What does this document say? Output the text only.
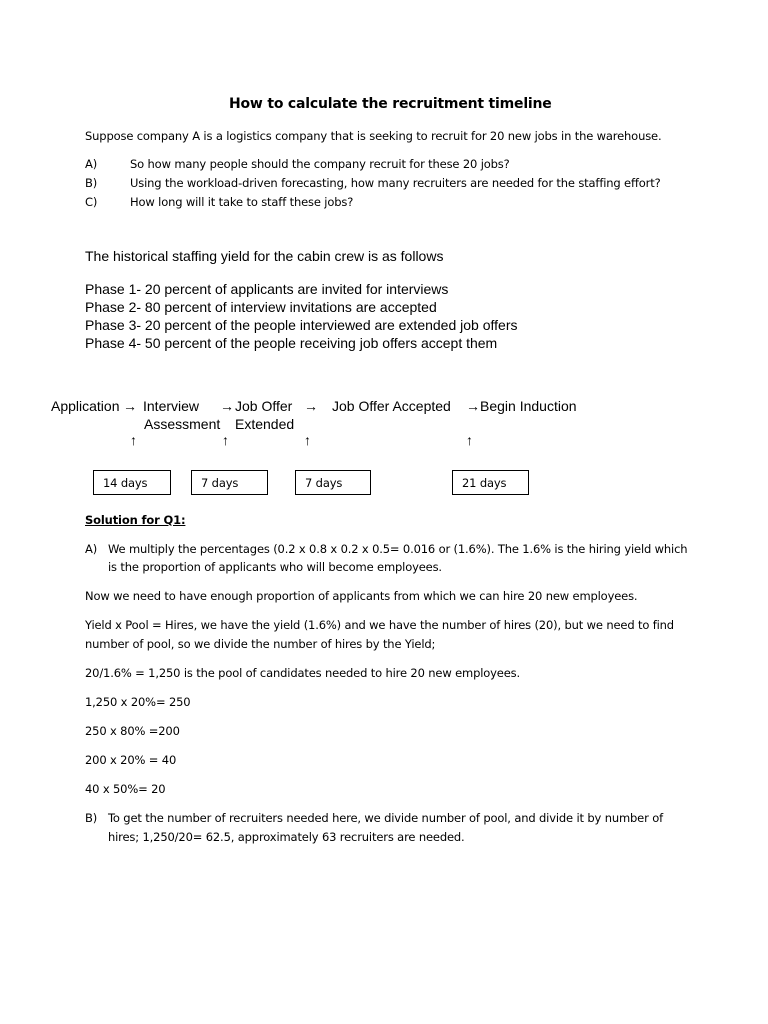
How to calculate the recruitment timeline
Suppose company A is a logistics company that is seeking to recruit for 20 new jobs in the warehouse.
A)	So how many people should the company recruit for these 20 jobs?
B)	Using the workload-driven forecasting, how many recruiters are needed for the staffing effort?
C)	How long will it take to staff these jobs?
The historical staffing yield for the cabin crew is as follows
Phase 1- 20 percent of applicants are invited for interviews
Phase 2- 80 percent of interview invitations are accepted
Phase 3- 20 percent of the people interviewed are extended job offers
Phase 4- 50 percent of the people receiving job offers accept them
Application → Interview
Assessment
→ Job Offer
Extended
→ Job Offer Accepted → Begin Induction
↑	↑	↑	↑
14 days	7 days	7 days	21 days
Solution for Q1:
A) We multiply the percentages (0.2 x 0.8 x 0.2 x 0.5= 0.016 or (1.6%). The 1.6% is the hiring yield which
is the proportion of applicants who will become employees.
Now we need to have enough proportion of applicants from which we can hire 20 new employees.
Yield x Pool = Hires, we have the yield (1.6%) and we have the number of hires (20), but we need to find
number of pool, so we divide the number of hires by the Yield;
20/1.6% = 1,250 is the pool of candidates needed to hire 20 new employees.
1,250 x 20%= 250
250 x 80% =200
200 x 20% = 40
40 x 50%= 20
B) To get the number of recruiters needed here, we divide number of pool, and divide it by number of
hires; 1,250/20= 62.5, approximately 63 recruiters are needed.
